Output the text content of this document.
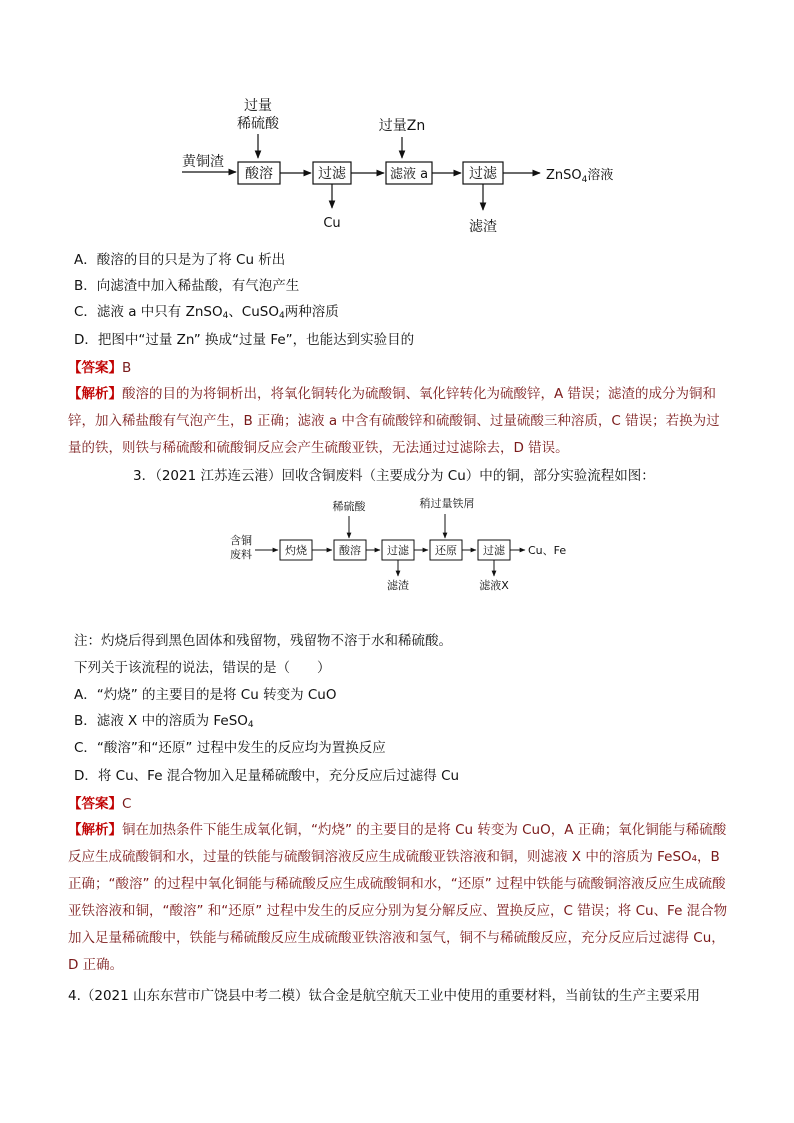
过量
稀硫酸
黄铜渣
酸溶	过滤
Cu
过量Zn
滤液 a	过滤
滤渣
ZnSO$_4$溶液
A．酸溶的目的只是为了将 Cu 析出
B．向滤渣中加入稀盐酸，有气泡产生
C．滤液 a 中只有 ZnSO$_4$、CuSO$_4$两种溶质
D．把图中“过量 Zn” 换成“过量 Fe”，也能达到实验目的
【答案】B
【解析】酸溶的目的为将铜析出，将氧化铜转化为硫酸铜、氧化锌转化为硫酸锌，A 错误；滤渣的成分为铜和锌，加入稀盐酸有气泡产生，B 正确；滤液 a 中含有硫酸锌和硫酸铜、过量硫酸三种溶质，C 错误；若换为过量的铁，则铁与稀硫酸和硫酸铜反应会产生硫酸亚铁，无法通过过滤除去，D 错误。
3．（2021 江苏连云港）回收含铜废料（主要成分为 Cu）中的铜，部分实验流程如图：
含铜
废料	灼烧
稀硫酸
酸溶 过滤
滤渣
稍过量铁屑
还原 过滤
滤液X
Cu、Fe
注：灼烧后得到黑色固体和残留物，残留物不溶于水和稀硫酸。
下列关于该流程的说法，错误的是（　　）
A．“灼烧” 的主要目的是将 Cu 转变为 CuO
B．滤液 X 中的溶质为 FeSO$_4$
C．“酸溶”和“还原” 过程中发生的反应均为置换反应
D．将 Cu、Fe 混合物加入足量稀硫酸中，充分反应后过滤得 Cu
【答案】C
【解析】铜在加热条件下能生成氧化铜，“灼烧” 的主要目的是将 Cu 转变为 CuO，A 正确；氧化铜能与稀硫酸反应生成硫酸铜和水，过量的铁能与硫酸铜溶液反应生成硫酸亚铁溶液和铜，则滤液 X 中的溶质为 FeSO₄，B 正确；“酸溶” 的过程中氧化铜能与稀硫酸反应生成硫酸铜和水，“还原” 过程中铁能与硫酸铜溶液反应生成硫酸亚铁溶液和铜，“酸溶” 和“还原” 过程中发生的反应分别为复分解反应、置换反应，C 错误；将 Cu、Fe 混合物加入足量稀硫酸中，铁能与稀硫酸反应生成硫酸亚铁溶液和氢气，铜不与稀硫酸反应，充分反应后过滤得 Cu，D 正确。
4.（2021 山东东营市广饶县中考二模）钛合金是航空航天工业中使用的重要材料，当前钛的生产主要采用
